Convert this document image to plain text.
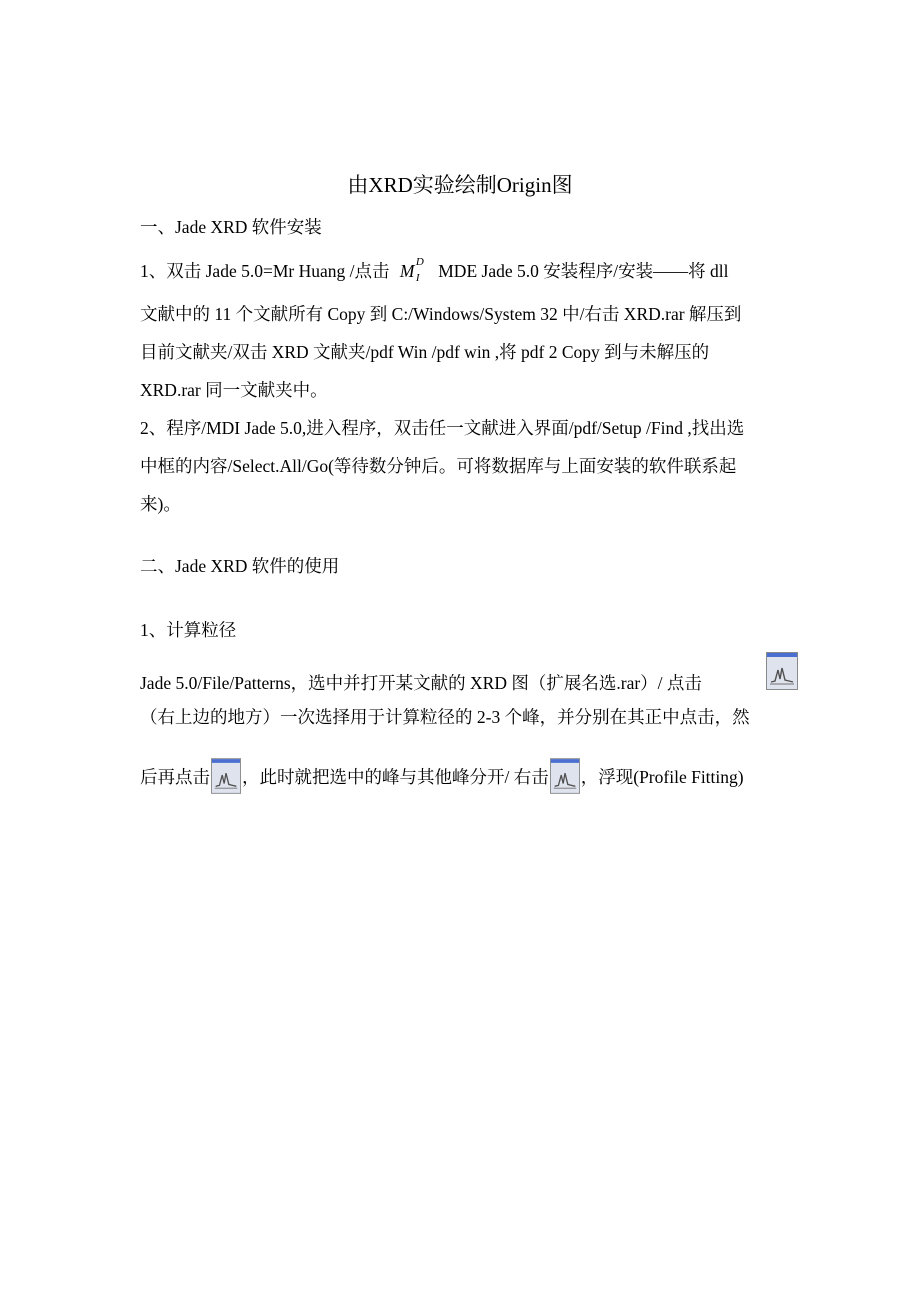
由XRD实验绘制Origin图
一、Jade XRD 软件安装
1、双击 Jade 5.0=Mr Huang /点击 M D
I MDE Jade 5.0 安装程序/安装——将 dll
文献中的 11 个文献所有 Copy 到 C:/Windows/System 32 中/右击 XRD.rar 解压到
目前文献夹/双击 XRD 文献夹/pdf Win /pdf win ,将 pdf 2 Copy 到与未解压的
XRD.rar 同一文献夹中。
2、程序/MDI Jade 5.0,进入程序，双击任一文献进入界面/pdf/Setup /Find ,找出选
中框的内容/Select.All/Go(等待数分钟后。可将数据库与上面安装的软件联系起
来)。
二、Jade XRD 软件的使用
1、计算粒径
Jade 5.0/File/Patterns，选中并打开某文献的 XRD 图（扩展名选.rar）/ 点击
（右上边的地方）一次选择用于计算粒径的 2-3 个峰，并分别在其正中点击，然
后再点击 ，此时就把选中的峰与其他峰分开/ 右击 ，浮现(Profile Fitting)
